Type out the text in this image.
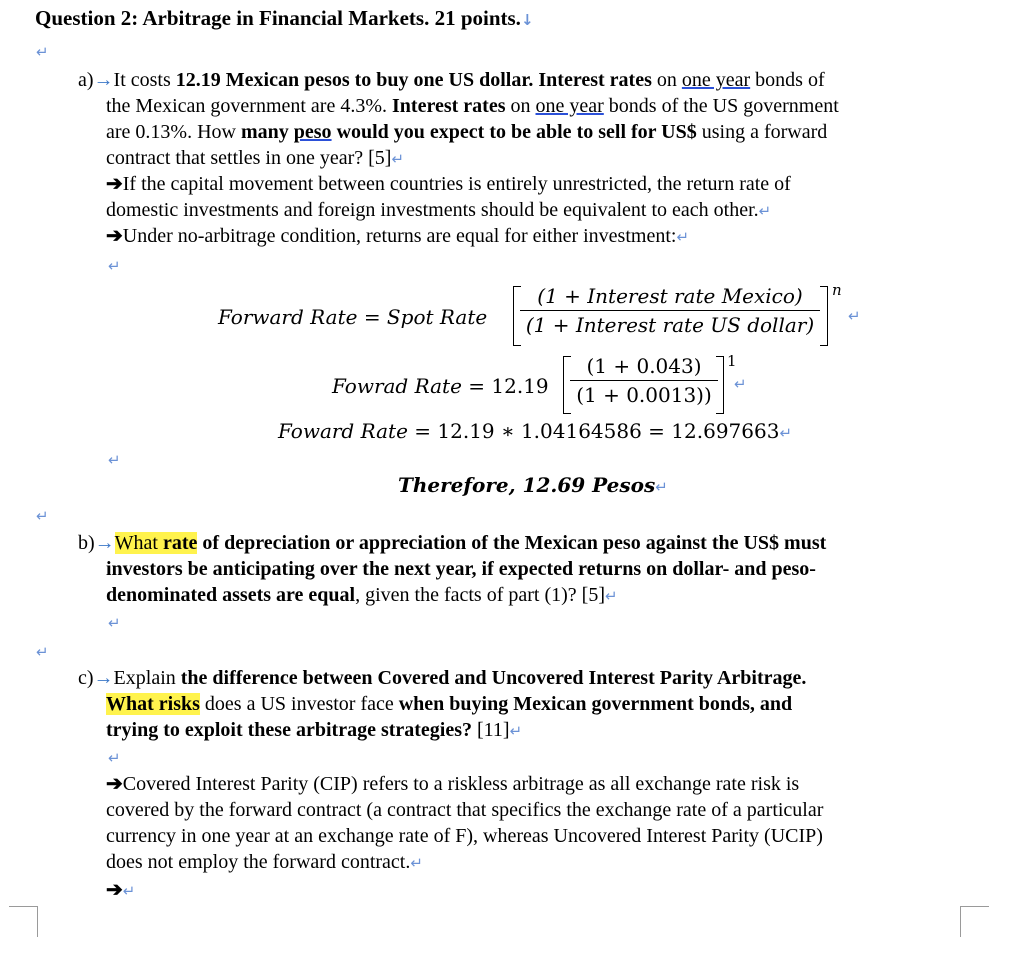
Question 2: Arbitrage in Financial Markets. 21 points.↓
↵
a)→It costs 12.19 Mexican pesos to buy one US dollar. Interest rates on one year bonds of
the Mexican government are 4.3%. Interest rates on one year bonds of the US government
are 0.13%. How many peso would you expect to be able to sell for US$ using a forward
contract that settles in one year? [5]↵
➔If the capital movement between countries is entirely unrestricted, the return rate of
domestic investments and foreign investments should be equivalent to each other.↵
➔Under no-arbitrage condition, returns are equal for either investment:↵
↵
Forward Rate = Spot Rate
(1 + Interest rate Mexico)
(1 + Interest rate US dollar)
n
↵
Fowrad Rate = 12.19
(1 + 0.043)
(1 + 0.0013))
1
↵
Foward Rate = 12.19 ∗ 1.04164586 = 12.697663↵
↵
Therefore, 12.69 Pesos↵
↵
b)→What rate of depreciation or appreciation of the Mexican peso against the US$ must
investors be anticipating over the next year, if expected returns on dollar- and peso-
denominated assets are equal, given the facts of part (1)? [5]↵
↵
↵
c)→Explain the difference between Covered and Uncovered Interest Parity Arbitrage.
What risks does a US investor face when buying Mexican government bonds, and
trying to exploit these arbitrage strategies? [11]↵
↵
➔Covered Interest Parity (CIP) refers to a riskless arbitrage as all exchange rate risk is
covered by the forward contract (a contract that specifics the exchange rate of a particular
currency in one year at an exchange rate of F), whereas Uncovered Interest Parity (UCIP)
does not employ the forward contract.↵
➔↵
